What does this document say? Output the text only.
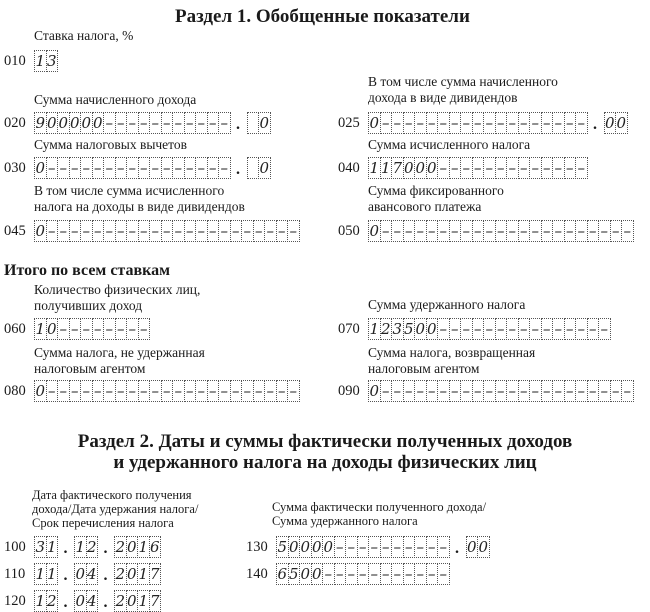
Раздел 1. Обобщенные показатели
Ставка налога, %
010 1 3
Сумма начисленного дохода
020 9 0 0 0 0 0 – – – – – – – – – – – .	0
В том числе сумма начисленного
дохода в виде дивидендов
025 0 – – – – – – – – – – – – – – – – – – . 0 0
Сумма налоговых вычетов
030 0 – – – – – – – – – – – – – – – – .	0
Сумма исчисленного налога
040 1 1 7 0 0 0 – – – – – – – – – – – – –
В том числе сумма исчисленного
налога на доходы в виде дивидендов
045 0 – – – – – – – – – – – – – – – – – – – – – –
Сумма фиксированного
авансового платежа
050 0 – – – – – – – – – – – – – – – – – – – – – –
Итого по всем ставкам
Количество физических лиц,
получивших доход
060 1 0 – – – – – – – –
Сумма удержанного налога
070 1 2 3 5 0 0 – – – – – – – – – – – – – – –
Сумма налога, не удержанная
налоговым агентом
080 0 – – – – – – – – – – – – – – – – – – – – – –
Сумма налога, возвращенная
налоговым агентом
090 0 – – – – – – – – – – – – – – – – – – – – – –
Раздел 2. Даты и суммы фактически полученных доходов
и удержанного налога на доходы физических лиц
Дата фактического получения
дохода/Дата удержания налога/
Срок перечисления налога
Сумма фактически полученного дохода/
Сумма удержанного налога
100 3 1 . 1 2 . 2 0 1 6
110 1 1 . 0 4 . 2 0 1 7
120 1 2 . 0 4 . 2 0 1 7
130 5 0 0 0 0 – – – – – – – – – – . 0 0
140 6 5 0 0 – – – – – – – – – – –
